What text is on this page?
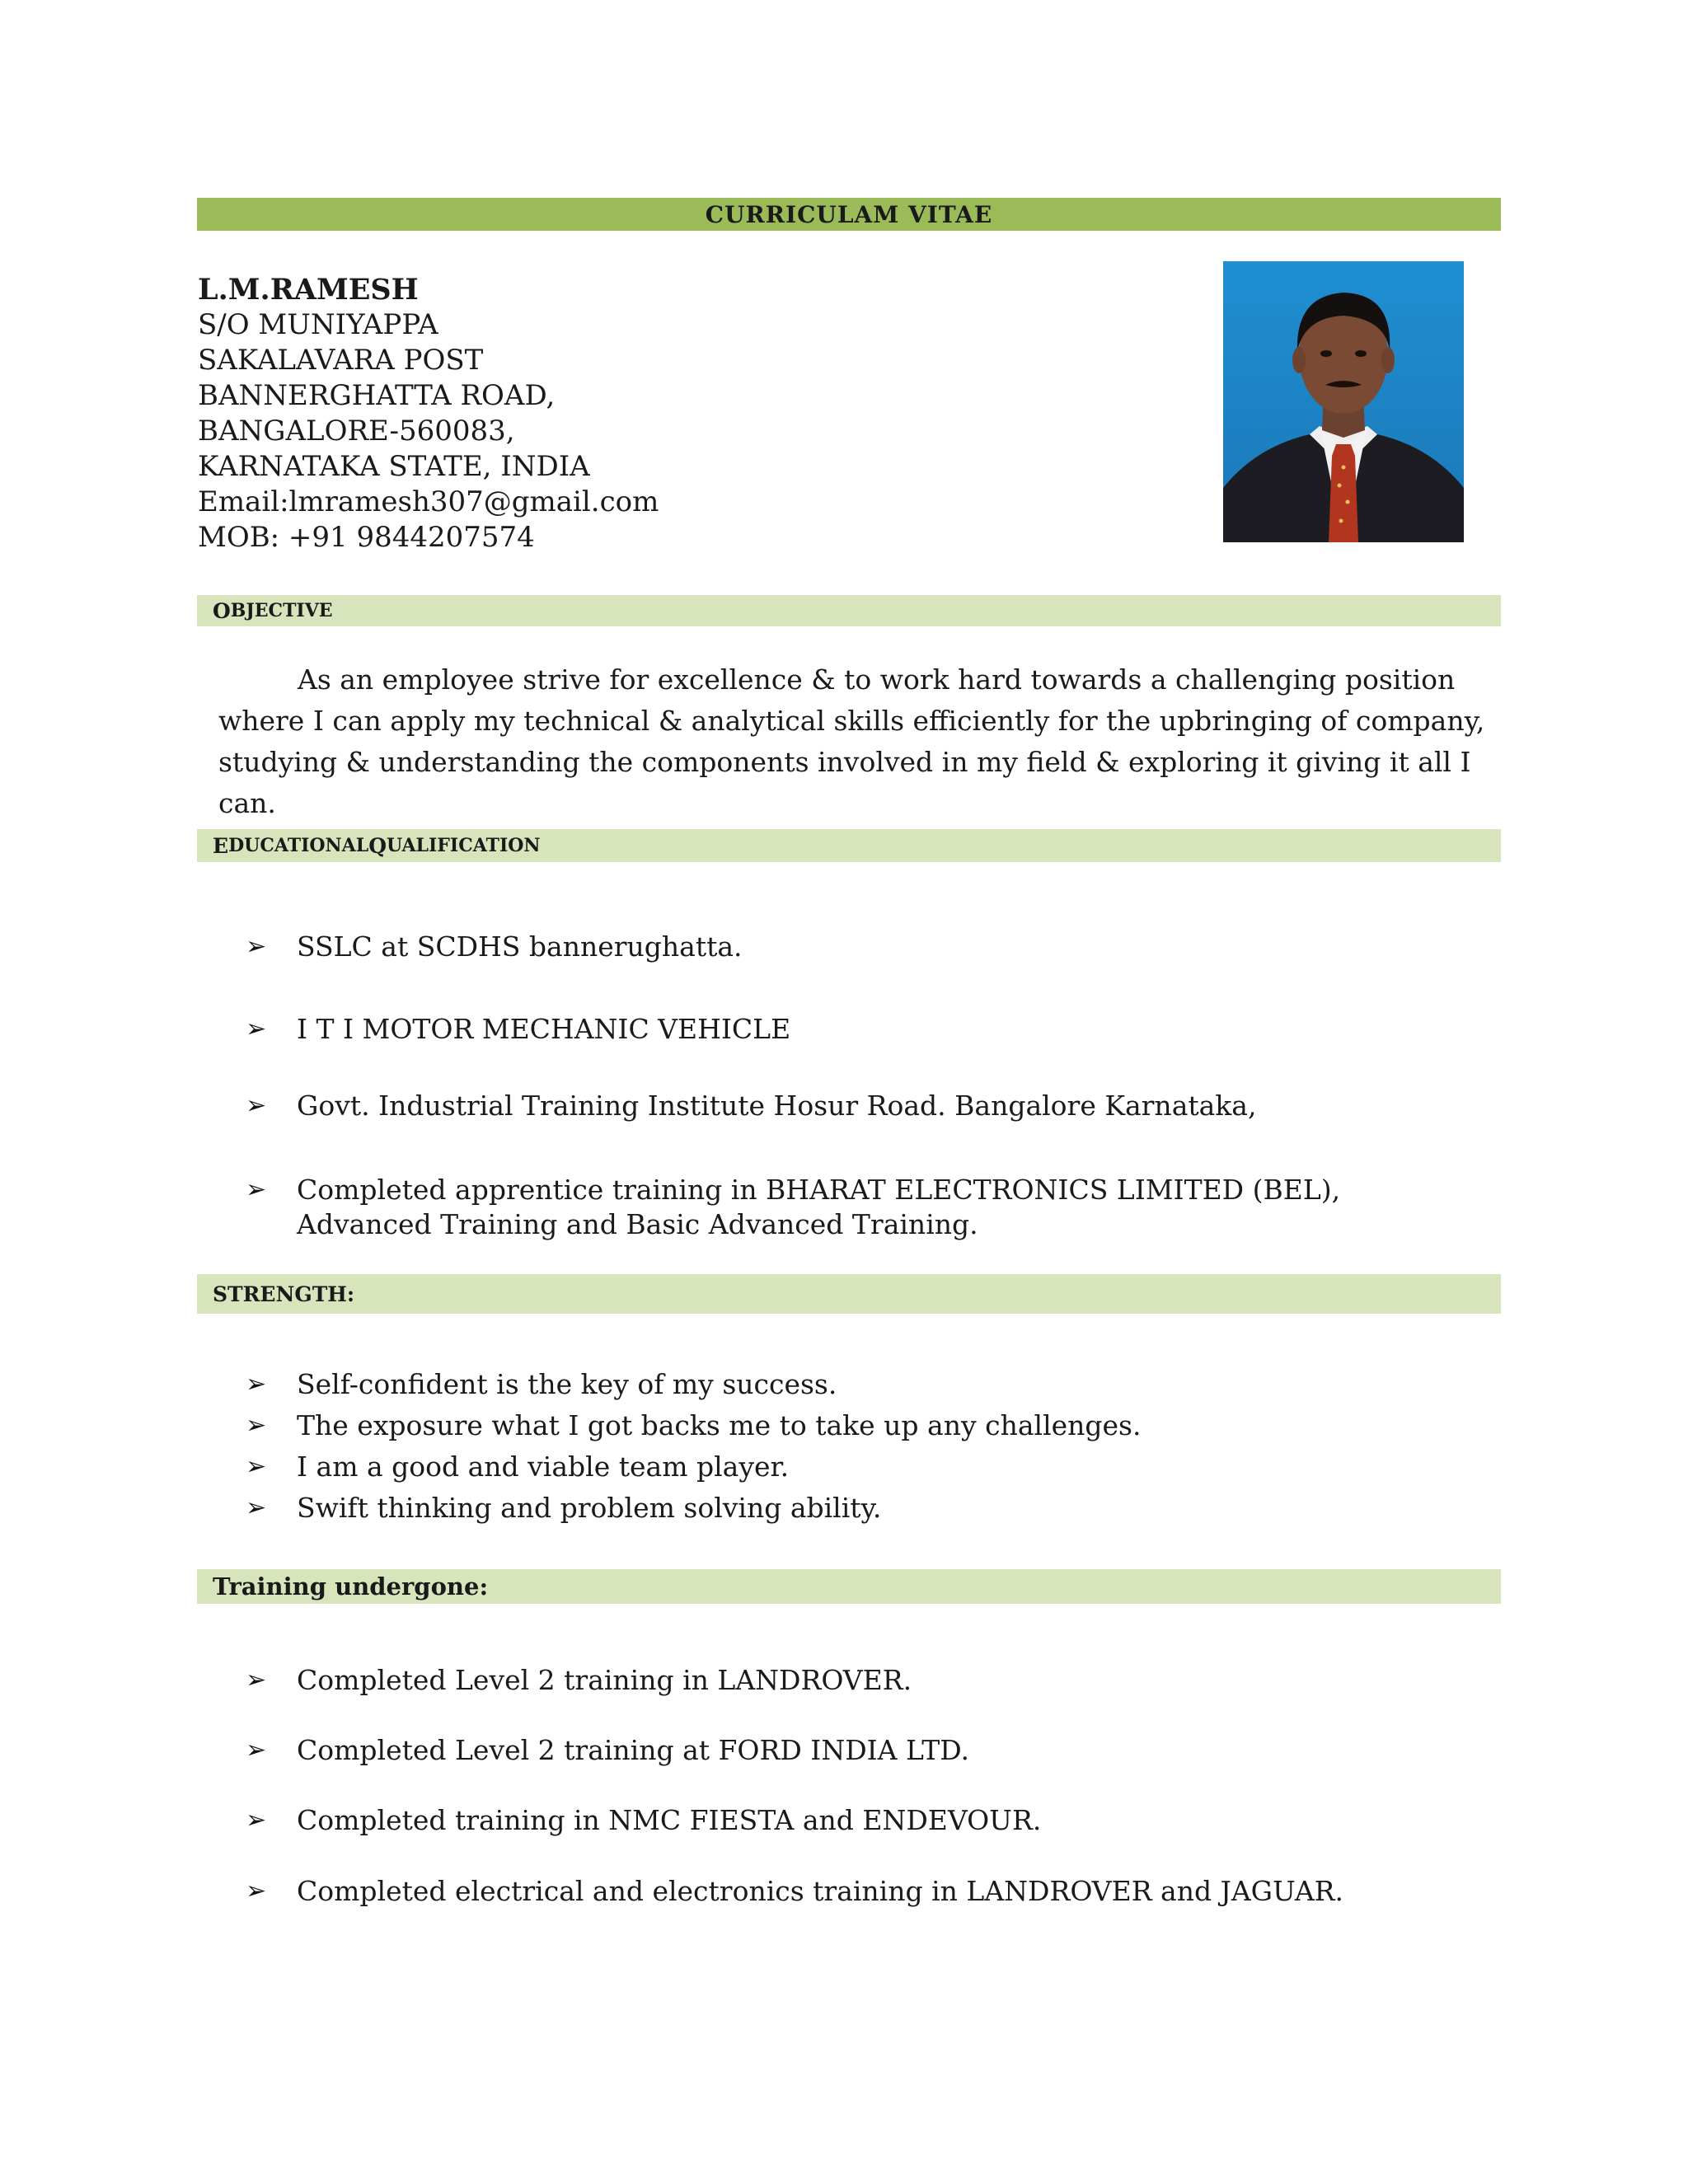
CURRICULAM VITAE
L.M.RAMESH
S/O MUNIYAPPA
SAKALAVARA POST
BANNERGHATTA ROAD,
BANGALORE-560083,
KARNATAKA STATE, INDIA
Email:lmramesh307@gmail.com
MOB: +91 9844207574
O BJECTIVE

As an employee strive for excellence & to work hard towards a challenging position where I can apply my technical & analytical skills efficiently for the upbringing of company, studying & understanding the components involved in my field & exploring it giving it all I can.

E DUCATIONAL Q UALIFICATION
➢	SSLC at SCDHS bannerughatta.
➢	I T I MOTOR MECHANIC VEHICLE
➢	Govt. Industrial Training Institute Hosur Road. Bangalore Karnataka,
➢	Completed apprentice training in BHARAT ELECTRONICS LIMITED (BEL), Advanced Training and Basic Advanced Training.
STRENGTH:
➢	Self-confident is the key of my success.
➢	The exposure what I got backs me to take up any challenges.
➢	I am a good and viable team player.
➢	Swift thinking and problem solving ability.
Training undergone:
➢	Completed Level 2 training in LANDROVER.
➢	Completed Level 2 training at FORD INDIA LTD.
➢	Completed training in NMC FIESTA and ENDEVOUR.
➢	Completed electrical and electronics training in LANDROVER and JAGUAR.
